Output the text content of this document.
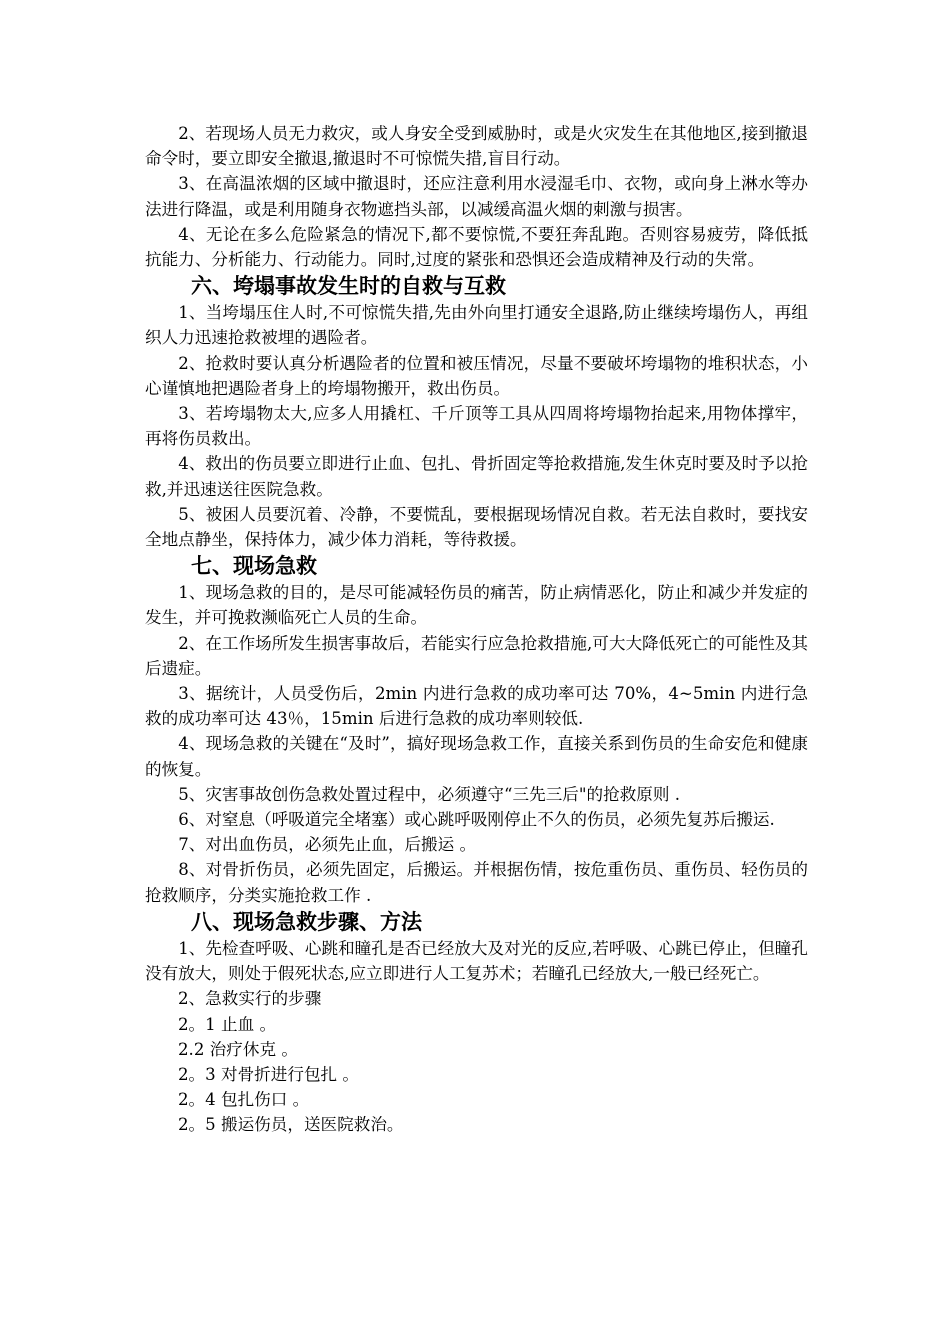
2、若现场人员无力救灾，或人身安全受到威胁时，或是火灾发生在其他地区,接到撤退命令时，要立即安全撤退,撤退时不可惊慌失措,盲目行动。

3、在高温浓烟的区域中撤退时，还应注意利用水浸湿毛巾、衣物，或向身上淋水等办法进行降温，或是利用随身衣物遮挡头部，以减缓高温火烟的刺激与损害。

4、无论在多么危险紧急的情况下,都不要惊慌,不要狂奔乱跑。否则容易疲劳，降低抵抗能力、分析能力、行动能力。同时,过度的紧张和恐惧还会造成精神及行动的失常。

六、垮塌事故发生时的自救与互救

1、当垮塌压住人时,不可惊慌失措,先由外向里打通安全退路,防止继续垮塌伤人，再组织人力迅速抢救被埋的遇险者。

2、抢救时要认真分析遇险者的位置和被压情况，尽量不要破坏垮塌物的堆积状态，小心谨慎地把遇险者身上的垮塌物搬开，救出伤员。

3、若垮塌物太大,应多人用撬杠、千斤顶等工具从四周将垮塌物抬起来,用物体撑牢，再将伤员救出。

4、救出的伤员要立即进行止血、包扎、骨折固定等抢救措施,发生休克时要及时予以抢救,并迅速送往医院急救。

5、被困人员要沉着、冷静，不要慌乱，要根据现场情况自救。若无法自救时，要找安全地点静坐，保持体力，减少体力消耗，等待救援。

七、现场急救

1、现场急救的目的，是尽可能减轻伤员的痛苦，防止病情恶化，防止和减少并发症的发生，并可挽救濒临死亡人员的生命。

2、在工作场所发生损害事故后，若能实行应急抢救措施,可大大降低死亡的可能性及其后遗症。

3、据统计，人员受伤后，2min 内进行急救的成功率可达 70%，4~5min 内进行急救的成功率可达 43％，15min 后进行急救的成功率则较低.

4、现场急救的关键在“及时”，搞好现场急救工作，直接关系到伤员的生命安危和健康的恢复。

5、灾害事故创伤急救处置过程中，必须遵守“三先三后"的抢救原则 .

6、对窒息（呼吸道完全堵塞）或心跳呼吸刚停止不久的伤员，必须先复苏后搬运.

7、对出血伤员，必须先止血，后搬运 。

8、对骨折伤员，必须先固定，后搬运。并根据伤情，按危重伤员、重伤员、轻伤员的抢救顺序，分类实施抢救工作 .

八、现场急救步骤、方法

1、先检查呼吸、心跳和瞳孔是否已经放大及对光的反应,若呼吸、心跳已停止，但瞳孔没有放大，则处于假死状态,应立即进行人工复苏术；若瞳孔已经放大,一般已经死亡。

2、急救实行的步骤

2。1 止血 。

2.2 治疗休克 。

2。3 对骨折进行包扎 。

2。4 包扎伤口 。

2。5 搬运伤员，送医院救治。
